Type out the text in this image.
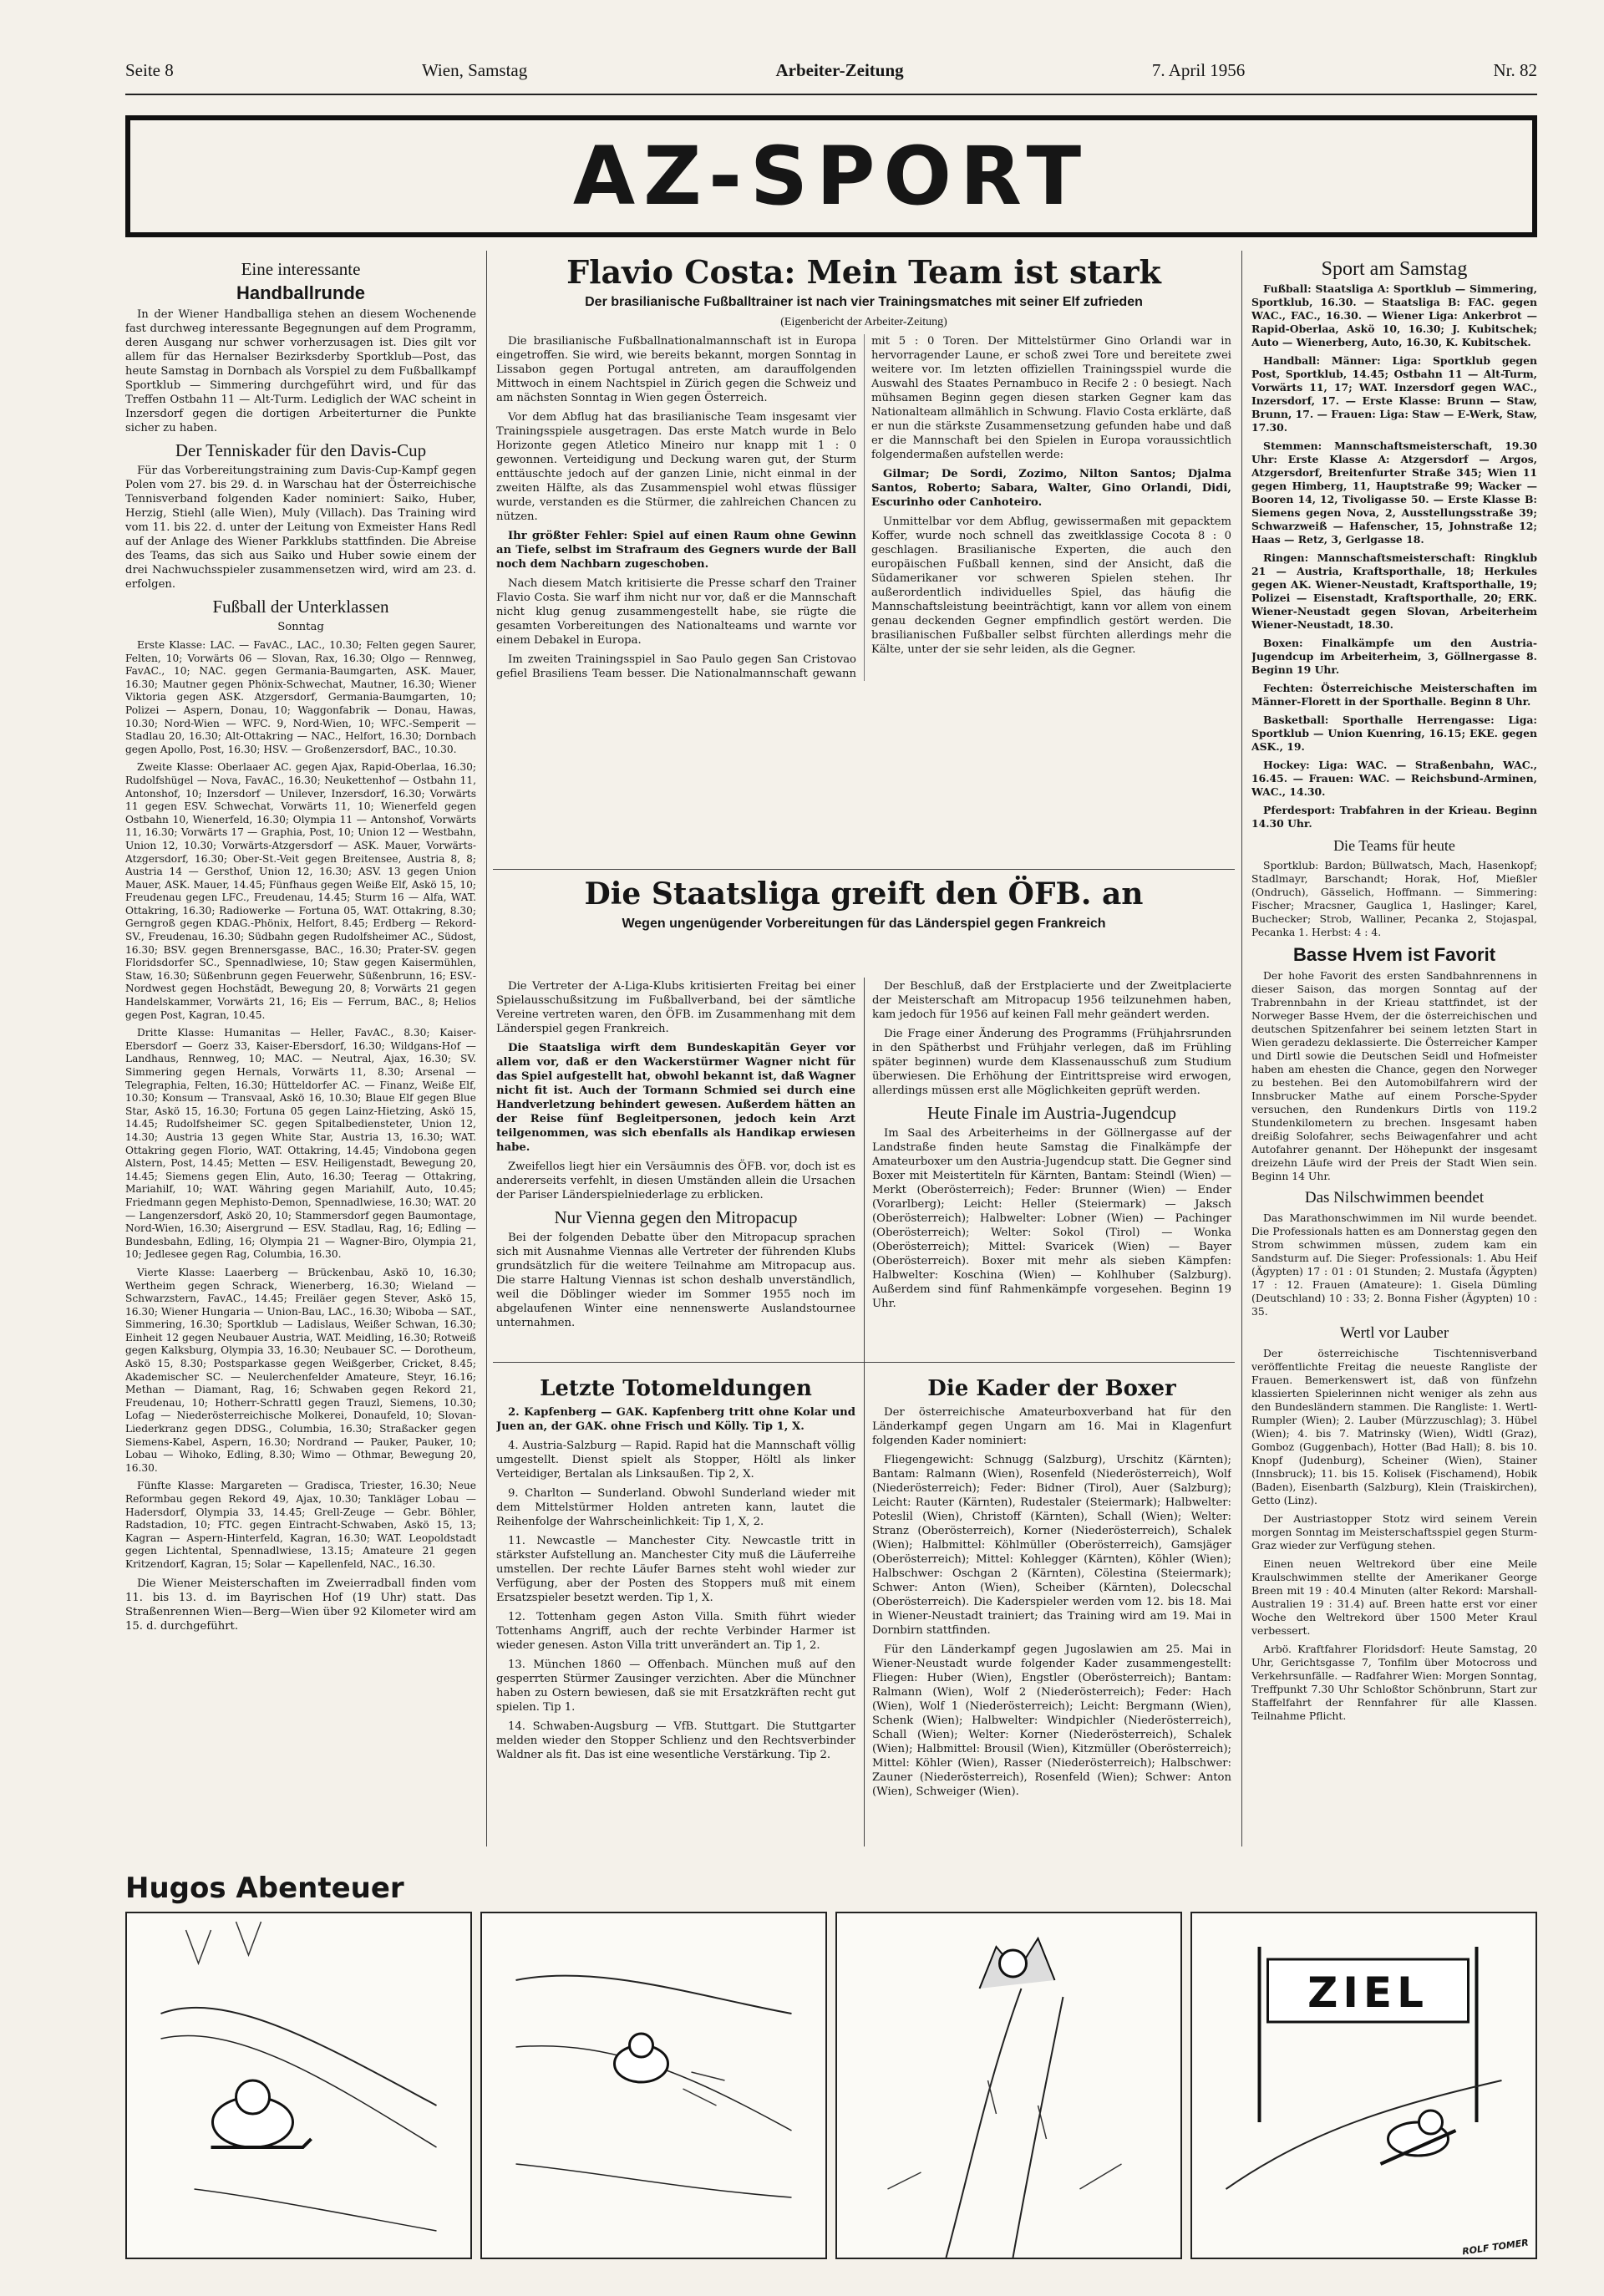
Seite 8	Wien, Samstag	Arbeiter-Zeitung	7. April 1956	Nr. 82
AZ-SPORT
Eine interessante
Handballrunde

In der Wiener Handballiga stehen an diesem Wochenende fast durchweg interessante Begegnungen auf dem Programm, deren Ausgang nur schwer vorherzusagen ist. Dies gilt vor allem für das Hernalser Bezirksderby Sportklub—Post, das heute Samstag in Dornbach als Vorspiel zu dem Fußballkampf Sportklub — Simmering durchgeführt wird, und für das Treffen Ostbahn 11 — Alt-Turm. Lediglich der WAC scheint in Inzersdorf gegen die dortigen Arbeiterturner die Punkte sicher zu haben.

Der Tenniskader für den Davis-Cup

Für das Vorbereitungstraining zum Davis-Cup-Kampf gegen Polen vom 27. bis 29. d. in Warschau hat der Österreichische Tennisverband folgenden Kader nominiert: Saiko, Huber, Herzig, Stiehl (alle Wien), Muly (Villach). Das Training wird vom 11. bis 22. d. unter der Leitung von Exmeister Hans Redl auf der Anlage des Wiener Parkklubs stattfinden. Die Abreise des Teams, das sich aus Saiko und Huber sowie einem der drei Nachwuchsspieler zusammensetzen wird, wird am 23. d. erfolgen.

Fußball der Unterklassen

Sonntag

Erste Klasse: LAC. — FavAC., LAC., 10.30; Felten gegen Saurer, Felten, 10; Vorwärts 06 — Slovan, Rax, 16.30; Olgo — Rennweg, FavAC., 10; NAC. gegen Germania-Baumgarten, ASK. Mauer, 16.30; Mautner gegen Phönix-Schwechat, Mautner, 16.30; Wiener Viktoria gegen ASK. Atzgersdorf, Germania-Baumgarten, 10; Polizei — Aspern, Donau, 10; Waggonfabrik — Donau, Hawas, 10.30; Nord-Wien — WFC. 9, Nord-Wien, 10; WFC.-Semperit — Stadlau 20, 16.30; Alt-Ottakring — NAC., Helfort, 16.30; Dornbach gegen Apollo, Post, 16.30; HSV. — Großenzersdorf, BAC., 10.30.

Zweite Klasse: Oberlaaer AC. gegen Ajax, Rapid-Oberlaa, 16.30; Rudolfshügel — Nova, FavAC., 16.30; Neukettenhof — Ostbahn 11, Antonshof, 10; Inzersdorf — Unilever, Inzersdorf, 16.30; Vorwärts 11 gegen ESV. Schwechat, Vorwärts 11, 10; Wienerfeld gegen Ostbahn 10, Wienerfeld, 16.30; Olympia 11 — Antonshof, Vorwärts 11, 16.30; Vorwärts 17 — Graphia, Post, 10; Union 12 — Westbahn, Union 12, 10.30; Vorwärts-Atzgersdorf — ASK. Mauer, Vorwärts-Atzgersdorf, 16.30; Ober-St.-Veit gegen Breitensee, Austria 8, 8; Austria 14 — Gersthof, Union 12, 16.30; ASV. 13 gegen Union Mauer, ASK. Mauer, 14.45; Fünfhaus gegen Weiße Elf, Askö 15, 10; Freudenau gegen LFC., Freudenau, 14.45; Sturm 16 — Alfa, WAT. Ottakring, 16.30; Radiowerke — Fortuna 05, WAT. Ottakring, 8.30; Gerngroß gegen KDAG.-Phönix, Helfort, 8.45; Erdberg — Rekord-SV., Freudenau, 16.30; Südbahn gegen Rudolfsheimer AC., Südost, 16.30; BSV. gegen Brennersgasse, BAC., 16.30; Prater-SV. gegen Floridsdorfer SC., Spennadlwiese, 10; Staw gegen Kaisermühlen, Staw, 16.30; Süßenbrunn gegen Feuerwehr, Süßenbrunn, 16; ESV.-Nordwest gegen Hochstädt, Bewegung 20, 8; Vorwärts 21 gegen Handelskammer, Vorwärts 21, 16; Eis — Ferrum, BAC., 8; Helios gegen Post, Kagran, 10.45.

Dritte Klasse: Humanitas — Heller, FavAC., 8.30; Kaiser-Ebersdorf — Goerz 33, Kaiser-Ebersdorf, 16.30; Wildgans-Hof — Landhaus, Rennweg, 10; MAC. — Neutral, Ajax, 16.30; SV. Simmering gegen Hernals, Vorwärts 11, 8.30; Arsenal — Telegraphia, Felten, 16.30; Hütteldorfer AC. — Finanz, Weiße Elf, 10.30; Konsum — Transvaal, Askö 16, 10.30; Blaue Elf gegen Blue Star, Askö 15, 16.30; Fortuna 05 gegen Lainz-Hietzing, Askö 15, 14.45; Rudolfsheimer SC. gegen Spitalbediensteter, Union 12, 14.30; Austria 13 gegen White Star, Austria 13, 16.30; WAT. Ottakring gegen Florio, WAT. Ottakring, 14.45; Vindobona gegen Alstern, Post, 14.45; Metten — ESV. Heiligenstadt, Bewegung 20, 14.45; Siemens gegen Elin, Auto, 16.30; Teerag — Ottakring, Mariahilf, 10; WAT. Währing gegen Mariahilf, Auto, 10.45; Friedmann gegen Mephisto-Demon, Spennadlwiese, 16.30; WAT. 20 — Langenzersdorf, Askö 20, 10; Stammersdorf gegen Baumontage, Nord-Wien, 16.30; Aisergrund — ESV. Stadlau, Rag, 16; Edling — Bundesbahn, Edling, 16; Olympia 21 — Wagner-Biro, Olympia 21, 10; Jedlesee gegen Rag, Columbia, 16.30.

Vierte Klasse: Laaerberg — Brückenbau, Askö 10, 16.30; Wertheim gegen Schrack, Wienerberg, 16.30; Wieland — Schwarzstern, FavAC., 14.45; Freiläer gegen Stever, Askö 15, 16.30; Wiener Hungaria — Union-Bau, LAC., 16.30; Wiboba — SAT., Simmering, 16.30; Sportklub — Ladislaus, Weißer Schwan, 16.30; Einheit 12 gegen Neubauer Austria, WAT. Meidling, 16.30; Rotweiß gegen Kalksburg, Olympia 33, 16.30; Neubauer SC. — Dorotheum, Askö 15, 8.30; Postsparkasse gegen Weißgerber, Cricket, 8.45; Akademischer SC. — Neulerchenfelder Amateure, Steyr, 16.16; Methan — Diamant, Rag, 16; Schwaben gegen Rekord 21, Freudenau, 10; Hotherr-Schrattl gegen Trauzl, Siemens, 10.30; Lofag — Niederösterreichische Molkerei, Donaufeld, 10; Slovan-Liederkranz gegen DDSG., Columbia, 16.30; Straßacker gegen Siemens-Kabel, Aspern, 16.30; Nordrand — Pauker, Pauker, 10; Lobau — Wihoko, Edling, 8.30; Wimo — Othmar, Bewegung 20, 16.30.

Fünfte Klasse: Margareten — Gradisca, Triester, 16.30; Neue Reformbau gegen Rekord 49, Ajax, 10.30; Tankläger Lobau — Hadersdorf, Olympia 33, 14.45; Grell-Zeuge — Gebr. Böhler, Radstadion, 10; FTC. gegen Eintracht-Schwaben, Askö 15, 13; Kagran — Aspern-Hinterfeld, Kagran, 16.30; WAT. Leopoldstadt gegen Lichtental, Spennadlwiese, 13.15; Amateure 21 gegen Kritzendorf, Kagran, 15; Solar — Kapellenfeld, NAC., 16.30.

Die Wiener Meisterschaften im Zweierradball finden vom 11. bis 13. d. im Bayrischen Hof (19 Uhr) statt. Das Straßenrennen Wien—Berg—Wien über 92 Kilometer wird am 15. d. durchgeführt.

Flavio Costa: Mein Team ist stark
Der brasilianische Fußballtrainer ist nach vier Trainingsmatches mit seiner Elf zufrieden
(Eigenbericht der Arbeiter-Zeitung)

Die brasilianische Fußballnationalmannschaft ist in Europa eingetroffen. Sie wird, wie bereits bekannt, morgen Sonntag in Lissabon gegen Portugal antreten, am darauffolgenden Mittwoch in einem Nachtspiel in Zürich gegen die Schweiz und am nächsten Sonntag in Wien gegen Österreich.

Vor dem Abflug hat das brasilianische Team insgesamt vier Trainingsspiele ausgetragen. Das erste Match wurde in Belo Horizonte gegen Atletico Mineiro nur knapp mit 1 : 0 gewonnen. Verteidigung und Deckung waren gut, der Sturm enttäuschte jedoch auf der ganzen Linie, nicht einmal in der zweiten Hälfte, als das Zusammenspiel wohl etwas flüssiger wurde, verstanden es die Stürmer, die zahlreichen Chancen zu nützen.

Ihr größter Fehler: Spiel auf einen Raum ohne Gewinn an Tiefe, selbst im Strafraum des Gegners wurde der Ball noch dem Nachbarn zugeschoben.

Nach diesem Match kritisierte die Presse scharf den Trainer Flavio Costa. Sie warf ihm nicht nur vor, daß er die Mannschaft nicht klug genug zusammengestellt habe, sie rügte die gesamten Vorbereitungen des Nationalteams und warnte vor einem Debakel in Europa.

Im zweiten Trainingsspiel in Sao Paulo gegen San Cristovao gefiel Brasiliens Team besser. Die Nationalmannschaft gewann mit 5 : 0 Toren. Der Mittelstürmer Gino Orlandi war in hervorragender Laune, er schoß zwei Tore und bereitete zwei weitere vor. Im letzten offiziellen Trainingsspiel wurde die Auswahl des Staates Pernambuco in Recife 2 : 0 besiegt. Nach mühsamen Beginn gegen diesen starken Gegner kam das Nationalteam allmählich in Schwung. Flavio Costa erklärte, daß er nun die stärkste Zusammensetzung gefunden habe und daß er die Mannschaft bei den Spielen in Europa voraussichtlich folgendermaßen aufstellen werde:

Gilmar; De Sordi, Zozimo, Nilton Santos; Djalma Santos, Roberto; Sabara, Walter, Gino Orlandi, Didi, Escurinho oder Canhoteiro.

Unmittelbar vor dem Abflug, gewissermaßen mit gepacktem Koffer, wurde noch schnell das zweitklassige Cocota 8 : 0 geschlagen. Brasilianische Experten, die auch den europäischen Fußball kennen, sind der Ansicht, daß die Südamerikaner vor schweren Spielen stehen. Ihr außerordentlich individuelles Spiel, das häufig die Mannschaftsleistung beeinträchtigt, kann vor allem von einem genau deckenden Gegner empfindlich gestört werden. Die brasilianischen Fußballer selbst fürchten allerdings mehr die Kälte, unter der sie sehr leiden, als die Gegner.

Die Staatsliga greift den ÖFB. an
Wegen ungenügender Vorbereitungen für das Länderspiel gegen Frankreich

Die Vertreter der A-Liga-Klubs kritisierten Freitag bei einer Spielausschußsitzung im Fußballverband, bei der sämtliche Vereine vertreten waren, den ÖFB. im Zusammenhang mit dem Länderspiel gegen Frankreich.

Die Staatsliga wirft dem Bundeskapitän Geyer vor allem vor, daß er den Wackerstürmer Wagner nicht für das Spiel aufgestellt hat, obwohl bekannt ist, daß Wagner nicht fit ist. Auch der Tormann Schmied sei durch eine Handverletzung behindert gewesen. Außerdem hätten an der Reise fünf Begleitpersonen, jedoch kein Arzt teilgenommen, was sich ebenfalls als Handikap erwiesen habe.

Zweifellos liegt hier ein Versäumnis des ÖFB. vor, doch ist es andererseits verfehlt, in diesen Umständen allein die Ursachen der Pariser Länderspielniederlage zu erblicken.

Nur Vienna gegen den Mitropacup

Bei der folgenden Debatte über den Mitropacup sprachen sich mit Ausnahme Viennas alle Vertreter der führenden Klubs grundsätzlich für die weitere Teilnahme am Mitropacup aus. Die starre Haltung Viennas ist schon deshalb unverständlich, weil die Döblinger wieder im Sommer 1955 noch im abgelaufenen Winter eine nennenswerte Auslandstournee unternahmen.

Der Beschluß, daß der Erstplacierte und der Zweitplacierte der Meisterschaft am Mitropacup 1956 teilzunehmen haben, kam jedoch für 1956 auf keinen Fall mehr geändert werden.

Die Frage einer Änderung des Programms (Frühjahrsrunden in den Spätherbst und Frühjahr verlegen, daß im Frühling später beginnen) wurde dem Klassenausschuß zum Studium überwiesen. Die Erhöhung der Eintrittspreise wird erwogen, allerdings müssen erst alle Möglichkeiten geprüft werden.

Heute Finale im Austria-Jugendcup

Im Saal des Arbeiterheims in der Göllnergasse auf der Landstraße finden heute Samstag die Finalkämpfe der Amateurboxer um den Austria-Jugendcup statt. Die Gegner sind Boxer mit Meistertiteln für Kärnten, Bantam: Steindl (Wien) — Merkt (Oberösterreich); Feder: Brunner (Wien) — Ender (Vorarlberg); Leicht: Heller (Steiermark) — Jaksch (Oberösterreich); Halbwelter: Lobner (Wien) — Pachinger (Oberösterreich); Welter: Sokol (Tirol) — Wonka (Oberösterreich); Mittel: Svaricek (Wien) — Bayer (Oberösterreich). Boxer mit mehr als sieben Kämpfen: Halbwelter: Koschina (Wien) — Kohlhuber (Salzburg). Außerdem sind fünf Rahmenkämpfe vorgesehen. Beginn 19 Uhr.

Letzte Totomeldungen

2. Kapfenberg — GAK. Kapfenberg tritt ohne Kolar und Juen an, der GAK. ohne Frisch und Kölly. Tip 1, X.

4. Austria-Salzburg — Rapid. Rapid hat die Mannschaft völlig umgestellt. Dienst spielt als Stopper, Höltl als linker Verteidiger, Bertalan als Linksaußen. Tip 2, X.

9. Charlton — Sunderland. Obwohl Sunderland wieder mit dem Mittelstürmer Holden antreten kann, lautet die Reihenfolge der Wahrscheinlichkeit: Tip 1, X, 2.

11. Newcastle — Manchester City. Newcastle tritt in stärkster Aufstellung an. Manchester City muß die Läuferreihe umstellen. Der rechte Läufer Barnes steht wohl wieder zur Verfügung, aber der Posten des Stoppers muß mit einem Ersatzspieler besetzt werden. Tip 1, X.

12. Tottenham gegen Aston Villa. Smith führt wieder Tottenhams Angriff, auch der rechte Verbinder Harmer ist wieder genesen. Aston Villa tritt unverändert an. Tip 1, 2.

13. München 1860 — Offenbach. München muß auf den gesperrten Stürmer Zausinger verzichten. Aber die Münchner haben zu Ostern bewiesen, daß sie mit Ersatzkräften recht gut spielen. Tip 1.

14. Schwaben-Augsburg — VfB. Stuttgart. Die Stuttgarter melden wieder den Stopper Schlienz und den Rechtsverbinder Waldner als fit. Das ist eine wesentliche Verstärkung. Tip 2.

Die Kader der Boxer

Der österreichische Amateurboxverband hat für den Länderkampf gegen Ungarn am 16. Mai in Klagenfurt folgenden Kader nominiert:

Fliegengewicht: Schnugg (Salzburg), Urschitz (Kärnten); Bantam: Ralmann (Wien), Rosenfeld (Niederösterreich), Wolf (Niederösterreich); Feder: Bidner (Tirol), Auer (Salzburg); Leicht: Rauter (Kärnten), Rudestaler (Steiermark); Halbwelter: Poteslil (Wien), Christoff (Kärnten), Schall (Wien); Welter: Stranz (Oberösterreich), Korner (Niederösterreich), Schalek (Wien); Halbmittel: Köhlmüller (Oberösterreich), Gamsjäger (Oberösterreich); Mittel: Kohlegger (Kärnten), Köhler (Wien); Halbschwer: Oschgan 2 (Kärnten), Cölestina (Steiermark); Schwer: Anton (Wien), Scheiber (Kärnten), Dolecschal (Oberösterreich). Die Kaderspieler werden vom 12. bis 18. Mai in Wiener-Neustadt trainiert; das Training wird am 19. Mai in Dornbirn stattfinden.

Für den Länderkampf gegen Jugoslawien am 25. Mai in Wiener-Neustadt wurde folgender Kader zusammengestellt: Fliegen: Huber (Wien), Engstler (Oberösterreich); Bantam: Ralmann (Wien), Wolf 2 (Niederösterreich); Feder: Hach (Wien), Wolf 1 (Niederösterreich); Leicht: Bergmann (Wien), Schenk (Wien); Halbwelter: Windpichler (Niederösterreich), Schall (Wien); Welter: Korner (Niederösterreich), Schalek (Wien); Halbmittel: Brousil (Wien), Kitzmüller (Oberösterreich); Mittel: Köhler (Wien), Rasser (Niederösterreich); Halbschwer: Zauner (Niederösterreich), Rosenfeld (Wien); Schwer: Anton (Wien), Schweiger (Wien).

Sport am Samstag

Fußball: Staatsliga A: Sportklub — Simmering, Sportklub, 16.30. — Staatsliga B: FAC. gegen WAC., FAC., 16.30. — Wiener Liga: Ankerbrot — Rapid-Oberlaa, Askö 10, 16.30; J. Kubitschek; Auto — Wienerberg, Auto, 16.30, K. Kubitschek.

Handball: Männer: Liga: Sportklub gegen Post, Sportklub, 14.45; Ostbahn 11 — Alt-Turm, Vorwärts 11, 17; WAT. Inzersdorf gegen WAC., Inzersdorf, 17. — Erste Klasse: Brunn — Staw, Brunn, 17. — Frauen: Liga: Staw — E-Werk, Staw, 17.30.

Stemmen: Mannschaftsmeisterschaft, 19.30 Uhr: Erste Klasse A: Atzgersdorf — Argos, Atzgersdorf, Breitenfurter Straße 345; Wien 11 gegen Himberg, 11, Hauptstraße 99; Wacker — Booren 14, 12, Tivoligasse 50. — Erste Klasse B: Siemens gegen Nova, 2, Ausstellungsstraße 39; Schwarzweiß — Hafenscher, 15, Johnstraße 12; Haas — Retz, 3, Gerlgasse 18.

Ringen: Mannschaftsmeisterschaft: Ringklub 21 — Austria, Kraftsporthalle, 18; Herkules gegen AK. Wiener-Neustadt, Kraftsporthalle, 19; Polizei — Eisenstadt, Kraftsporthalle, 20; ERK. Wiener-Neustadt gegen Slovan, Arbeiterheim Wiener-Neustadt, 18.30.

Boxen: Finalkämpfe um den Austria-Jugendcup im Arbeiterheim, 3, Göllnergasse 8. Beginn 19 Uhr.

Fechten: Österreichische Meisterschaften im Männer-Florett in der Sporthalle. Beginn 8 Uhr.

Basketball: Sporthalle Herrengasse: Liga: Sportklub — Union Kuenring, 16.15; EKE. gegen ASK., 19.

Hockey: Liga: WAC. — Straßenbahn, WAC., 16.45. — Frauen: WAC. — Reichsbund-Arminen, WAC., 14.30.

Pferdesport: Trabfahren in der Krieau. Beginn 14.30 Uhr.

Die Teams für heute

Sportklub: Bardon; Büllwatsch, Mach, Hasenkopf; Stadlmayr, Barschandt; Horak, Hof, Mießler (Ondruch), Gässelich, Hoffmann. — Simmering: Fischer; Mracsner, Gauglica 1, Haslinger; Karel, Buchecker; Strob, Walliner, Pecanka 2, Stojaspal, Pecanka 1. Herbst: 4 : 4.

Basse Hvem ist Favorit

Der hohe Favorit des ersten Sandbahnrennens in dieser Saison, das morgen Sonntag auf der Trabrennbahn in der Krieau stattfindet, ist der Norweger Basse Hvem, der die österreichischen und deutschen Spitzenfahrer bei seinem letzten Start in Wien geradezu deklassierte. Die Österreicher Kamper und Dirtl sowie die Deutschen Seidl und Hofmeister haben am ehesten die Chance, gegen den Norweger zu bestehen. Bei den Automobilfahrern wird der Innsbrucker Mathe auf einem Porsche-Spyder versuchen, den Rundenkurs Dirtls von 119.2 Stundenkilometern zu brechen. Insgesamt haben dreißig Solofahrer, sechs Beiwagenfahrer und acht Autofahrer genannt. Der Höhepunkt der insgesamt dreizehn Läufe wird der Preis der Stadt Wien sein. Beginn 14 Uhr.

Das Nilschwimmen beendet

Das Marathonschwimmen im Nil wurde beendet. Die Professionals hatten es am Donnerstag gegen den Strom schwimmen müssen, zudem kam ein Sandsturm auf. Die Sieger: Professionals: 1. Abu Heif (Ägypten) 17 : 01 : 01 Stunden; 2. Mustafa (Ägypten) 17 : 12. Frauen (Amateure): 1. Gisela Dümling (Deutschland) 10 : 33; 2. Bonna Fisher (Ägypten) 10 : 35.

Wertl vor Lauber

Der österreichische Tischtennisverband veröffentlichte Freitag die neueste Rangliste der Frauen. Bemerkenswert ist, daß von fünfzehn klassierten Spielerinnen nicht weniger als zehn aus den Bundesländern stammen. Die Rangliste: 1. Wertl-Rumpler (Wien); 2. Lauber (Mürzzuschlag); 3. Hübel (Wien); 4. bis 7. Matrinsky (Wien), Widtl (Graz), Gomboz (Guggenbach), Hotter (Bad Hall); 8. bis 10. Knopf (Judenburg), Scheiner (Wien), Stainer (Innsbruck); 11. bis 15. Kolisek (Fischamend), Hobik (Baden), Eisenbarth (Salzburg), Klein (Traiskirchen), Getto (Linz).

Der Austriastopper Stotz wird seinem Verein morgen Sonntag im Meisterschaftsspiel gegen Sturm-Graz wieder zur Verfügung stehen.

Einen neuen Weltrekord über eine Meile Kraulschwimmen stellte der Amerikaner George Breen mit 19 : 40.4 Minuten (alter Rekord: Marshall-Australien 19 : 31.4) auf. Breen hatte erst vor einer Woche den Weltrekord über 1500 Meter Kraul verbessert.

Arbö. Kraftfahrer Floridsdorf: Heute Samstag, 20 Uhr, Gerichtsgasse 7, Tonfilm über Motocross und Verkehrsunfälle. — Radfahrer Wien: Morgen Sonntag, Treffpunkt 7.30 Uhr Schloßtor Schönbrunn, Start zur Staffelfahrt der Rennfahrer für alle Klassen. Teilnahme Pflicht.

Hugos Abenteuer
ZIEL
ROLF TOMER
